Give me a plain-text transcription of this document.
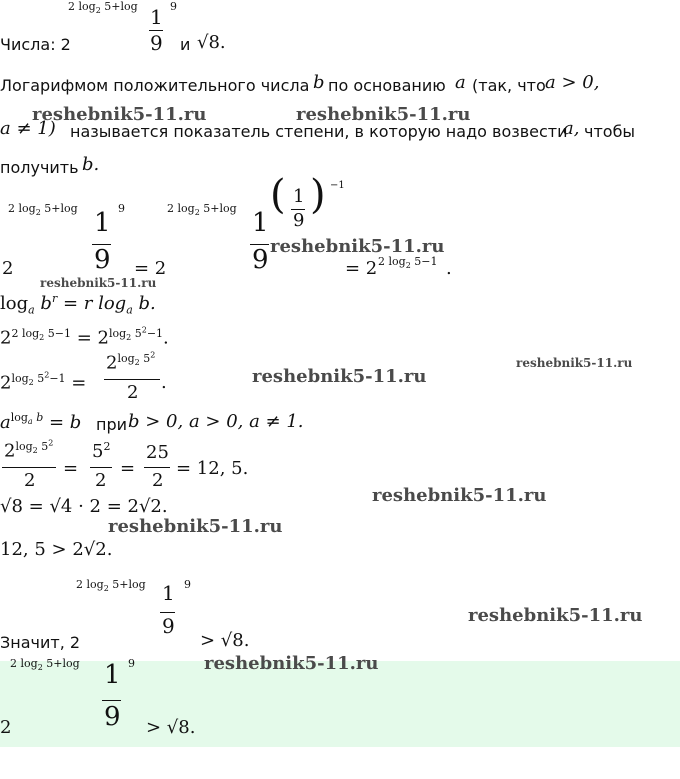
Числа: 2
2 $\log_2 5+\log$ 1
9
9
и √8.
Логарифмом положительного числа b по основанию a (так, что a > 0,
a ≠ 1) называется показатель степени, в которую надо возвести
a, чтобы
получить b.
2 $\log_2 5+\log$ 1
9
9
2	= 2
2 $\log_2 5+\log$ 1
9
( 1
9
) −1
= 2 2 $\log_2 5-1$ .
$\log_a b^r = r$ $\log_a b$.
$2^{2 log_2 5-1} = 2^{log_2 5^2-1}$.
$2^{log_2 5^2-1}$ =
$2^{log_2 5^2}$
2 .
$a^{log_a b} = b$ при b > 0, a > 0, a ≠ 1.
$2^{log_2 5^2}$
2
=
$5^2$
2
=
25
2
= 12, 5.
√8 = √4 · 2 = 2√2.
12, 5 > 2√2.
2 $\log_2 5+\log$ 1
9
9
Значит, 2	> √8.
2 $\log_2 5+\log$ 1
9
9
2	> √8.
reshebnik5-11.ru	reshebnik5-11.ru
reshebnik5-11.ru
reshebnik5-11.ru
reshebnik5-11.ru
reshebnik5-11.ru
reshebnik5-11.ru
reshebnik5-11.ru
reshebnik5-11.ru
reshebnik5-11.ru
